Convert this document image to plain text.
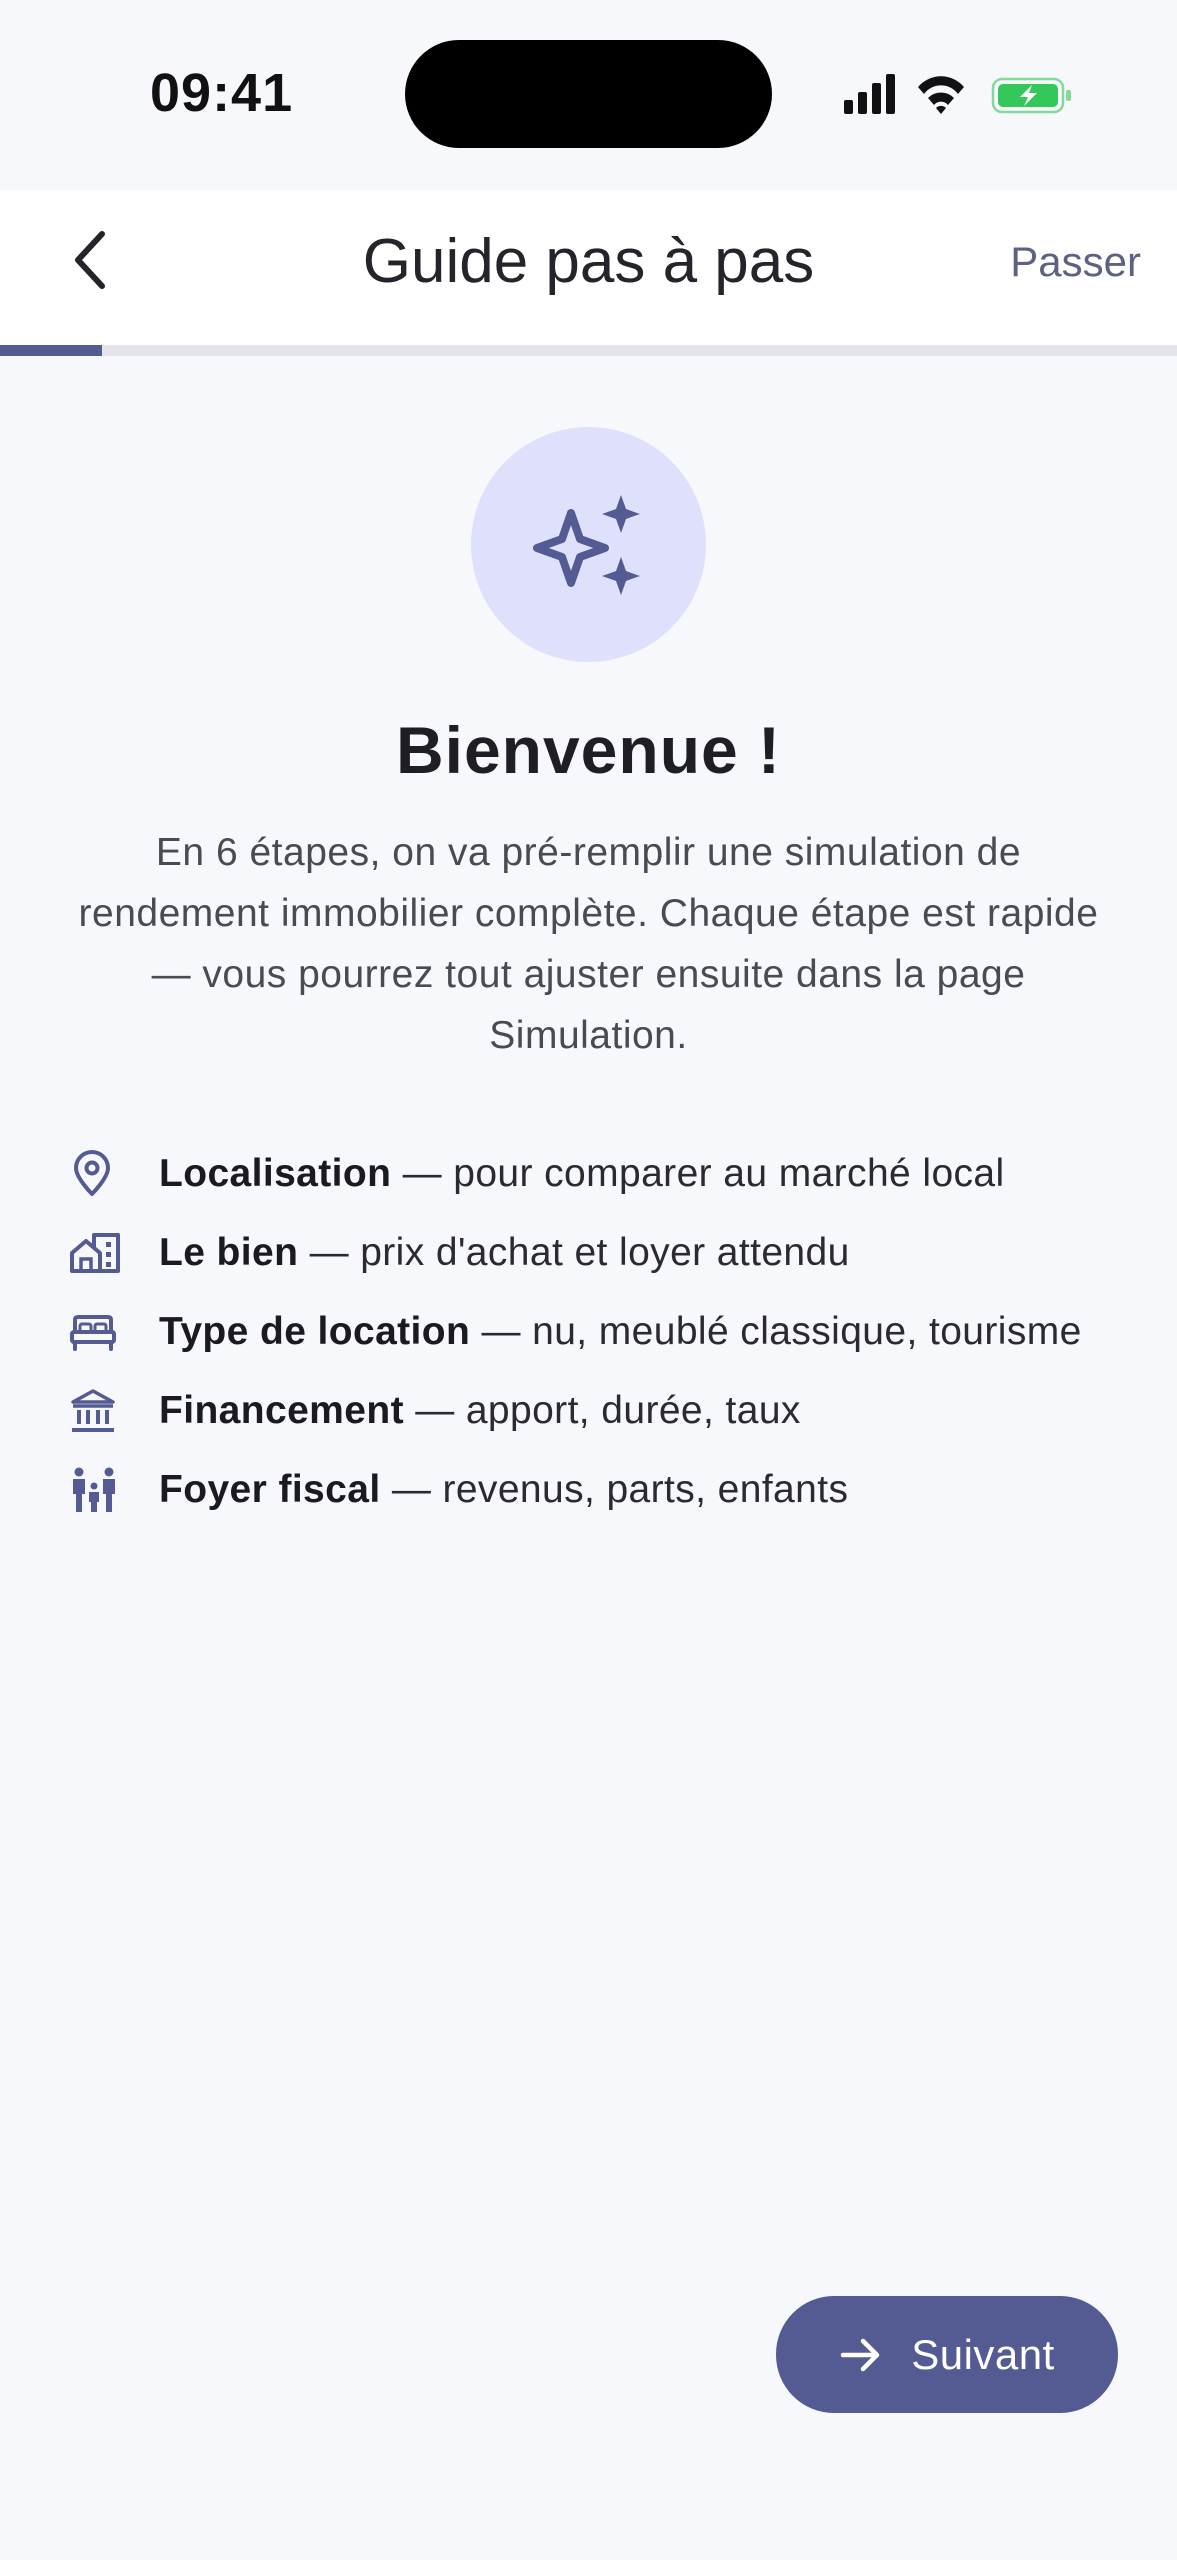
09:41
Guide pas à pas	Passer
Bienvenue !
En 6 étapes, on va pré-remplir une simulation de rendement immobilier complète. Chaque étape est rapide — vous pourrez tout ajuster ensuite dans la page Simulation.
Localisation — pour comparer au marché local
Le bien — prix d'achat et loyer attendu
Type de location — nu, meublé classique, tourisme
Financement — apport, durée, taux
Foyer fiscal — revenus, parts, enfants
Suivant
